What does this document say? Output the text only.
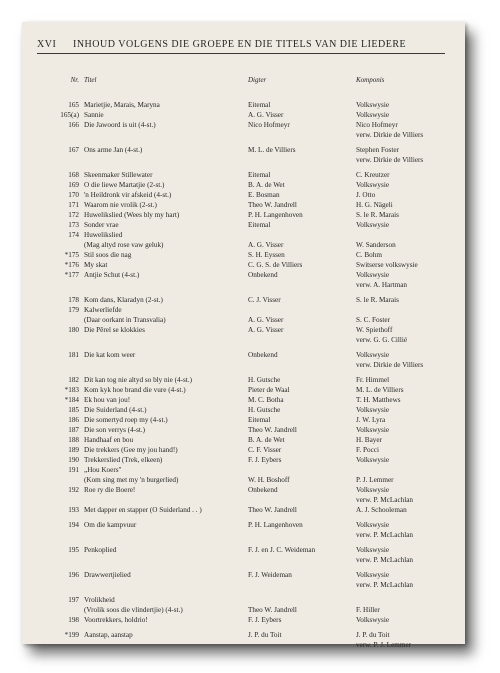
XVI INHOUD VOLGENS DIE GROEPE EN DIE TITELS VAN DIE LIEDERE
Nr. Titel	Digter	Komponis
165 Marietjie, Marais, Maryna	Eitemal	Volkswysie
165(a) Sannie	A. G. Visser	Volkswysie
166 Die Jawoord is uit (4-st.)	Nico Hofmeyr	Nico Hofmeyr
verw. Dirkie de Villiers
167 Ons arme Jan (4-st.)	M. L. de Villiers	Stephen Foster
verw. Dirkie de Villiers
168 Skeenmaker Stillewater	Eitemal	C. Kreutzer
169 O die liewe Martatjie (2-st.)	B. A. de Wet	Volkswysie
170 'n Heildronk vir afskeid (4-st.)	E. Bosman	J. Otto
171 Waarom nie vrolik (2-st.)	Theo W. Jandrell	H. G. Nägeli
172 Huwelikslied (Wees bly my hart)	P. H. Langenhoven	S. le R. Marais
173 Sonder vrae	Eitemal	Volkswysie
174 Huwelikslied
(Mag altyd rose vaw geluk)	A. G. Visser	W. Sanderson
*175 Stil soos die nag	S. H. Eyssen	C. Bohm
*176 My skat	C. G. S. de Villiers	Switserse volkswysie
*177 Antjie Schut (4-st.)	Onbekend	Volkswysie
verw. A. Hartman
178 Kom dans, Klaradyn (2-st.)	C. J. Visser	S. le R. Marais
179 Kalwerliefde
(Daar oorkant in Transvalia)	A. G. Visser	S. C. Foster
180 Die Pêrel se klokkies	A. G. Visser	W. Spiethoff
verw. G. G. Cillié
181 Die kat kom weer	Onbekend	Volkswysie
verw. Dirkie de Villiers
182 Dit kan tog nie altyd so bly nie (4-st.)	H. Gutsche	Fr. Himmel
*183 Kom kyk hoe brand die vure (4-st.)	Pieter de Waal	M. L. de Villiers
*184 Ek hou van jou!	M. C. Botha	T. H. Matthews
185 Die Suiderland (4-st.)	H. Gutsche	Volkswysie
186 Die somertyd roep my (4-st.)	Eitemal	J. W. Lyra
187 Die son verrys (4-st.)	Theo W. Jandrell	Volkswysie
188 Handhaaf en bou	B. A. de Wet	H. Bayer
189 Die trekkers (Gee my jou hand!)	C. F. Visser	F. Pocci
190 Trekkerslied (Trek, elkeen)	F. J. Eybers	Volkswysie
191 „Hou Koers"
(Kom sing met my 'n burgerlied)	W. H. Boshoff	P. J. Lemmer
192 Roe ry die Boere!	Onbekend	Volkswysie
verw. P. McLachlan
193 Met dapper en stapper (O Suiderland . . )	Theo W. Jandrell	A. J. Schooleman
194 Om die kampvuur	P. H. Langenhoven	Volkswysie
verw. P. McLachlan
195 Penkoplied	F. J. en J. C. Weideman	Volkswysie
verw. P. McLachlan
196 Drawwertjielied	F. J. Weideman	Volkswysie
verw. P. McLachlan
197 Vrolikheid
(Vrolik soos die vlindertjie) (4-st.)	Theo W. Jandrell	F. Hiller
198 Voortrekkers, holdrio!	F. J. Eybers	Volkswysie
*199 Aanstap, aanstap	J. P. du Toit	J. P. du Toit
verw. P. J. Lemmer
